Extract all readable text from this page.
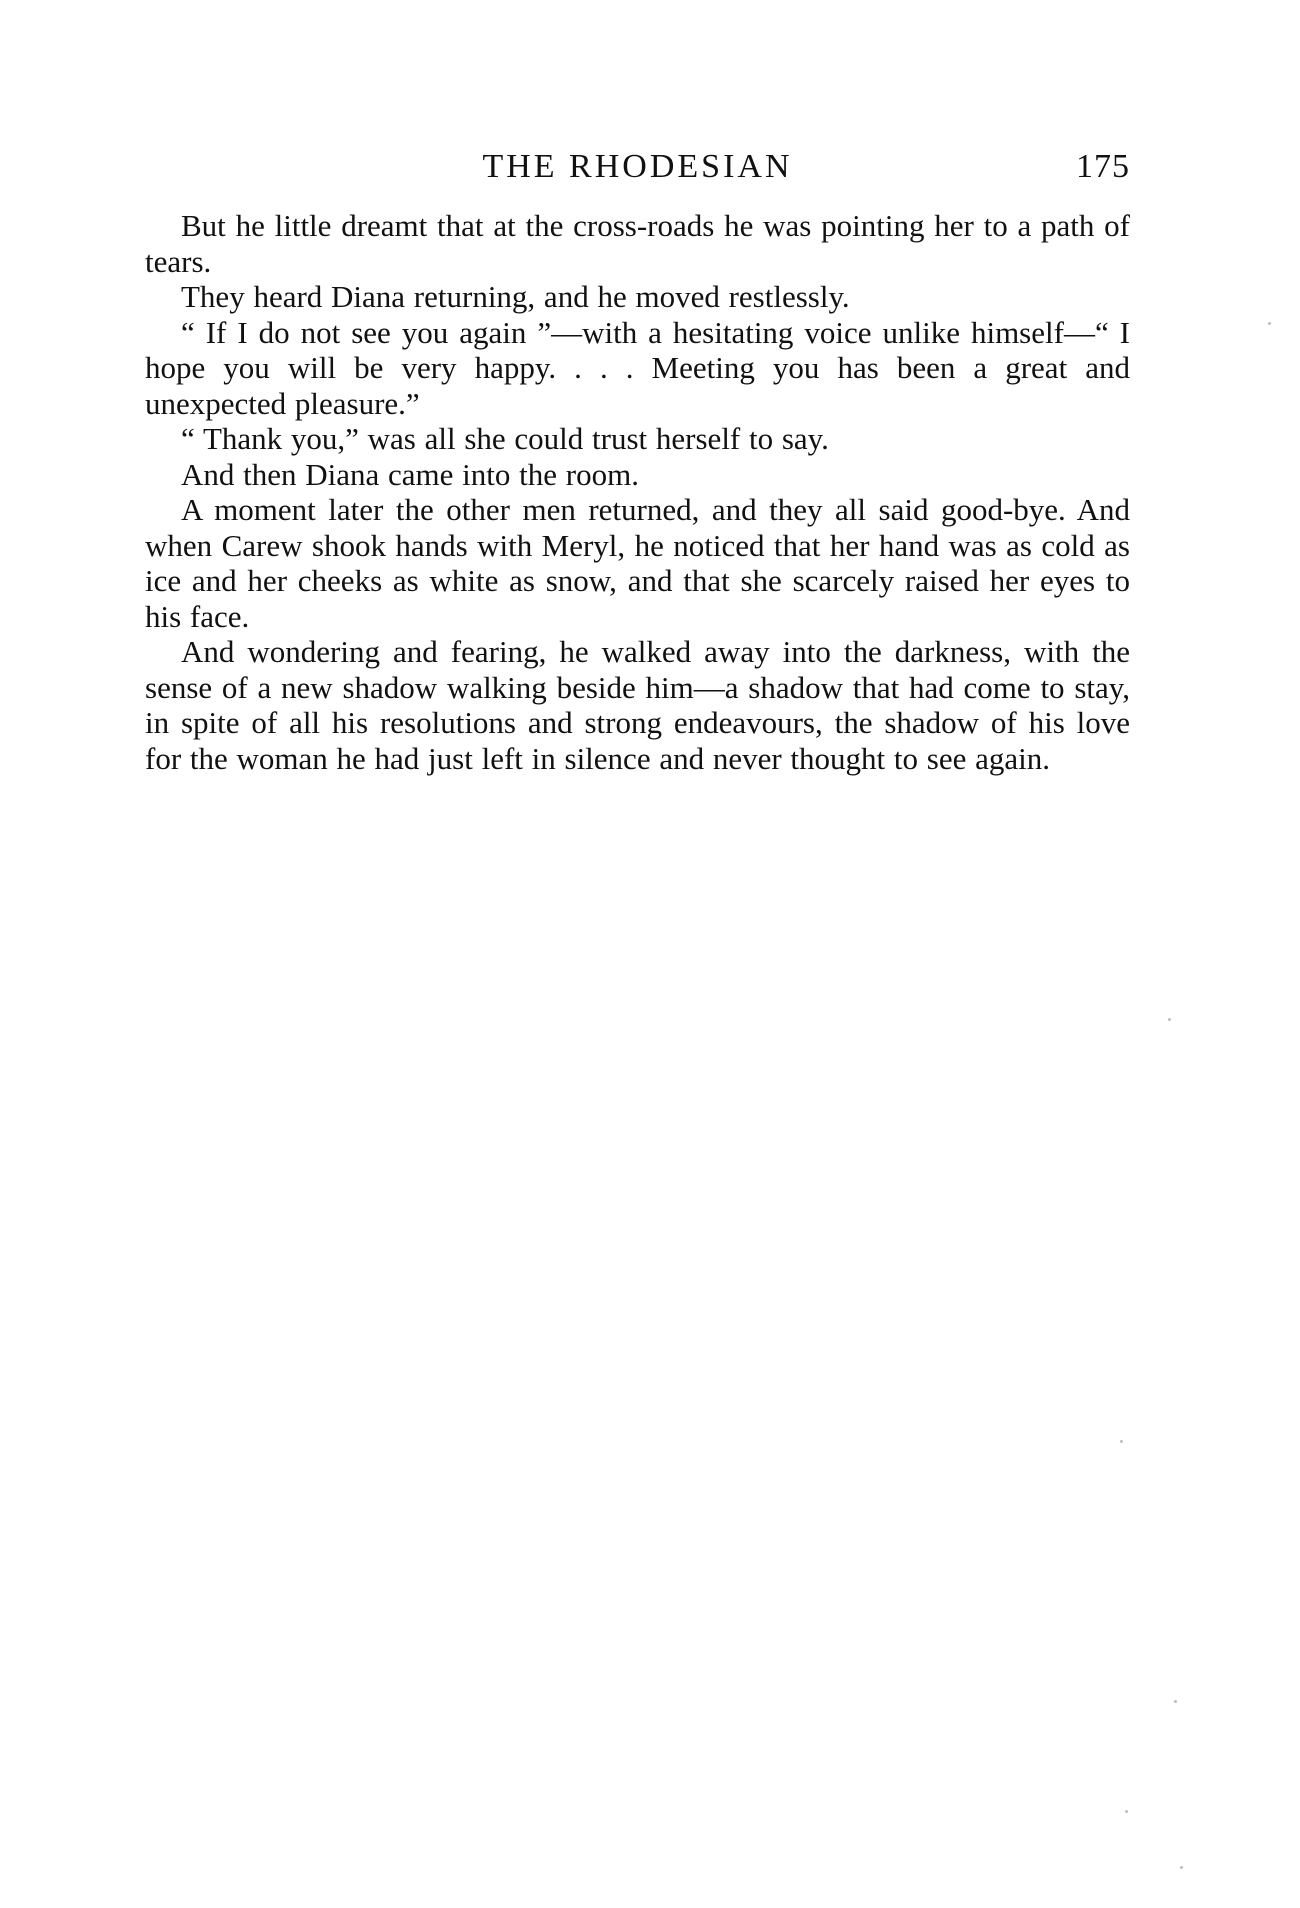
THE RHODESIAN	175

But he little dreamt that at the cross-roads he was pointing her to a path of tears.

They heard Diana returning, and he moved restlessly.

“ If I do not see you again ”—with a hesitating voice unlike himself—“ I hope you will be very happy. . . . Meeting you has been a great and unexpected pleasure.”

“ Thank you,” was all she could trust herself to say.

And then Diana came into the room.

A moment later the other men returned, and they all said good-bye. And when Carew shook hands with Meryl, he noticed that her hand was as cold as ice and her cheeks as white as snow, and that she scarcely raised her eyes to his face.

And wondering and fearing, he walked away into the darkness, with the sense of a new shadow walking beside him—a shadow that had come to stay, in spite of all his resolutions and strong endeavours, the shadow of his love for the woman he had just left in silence and never thought to see again.
